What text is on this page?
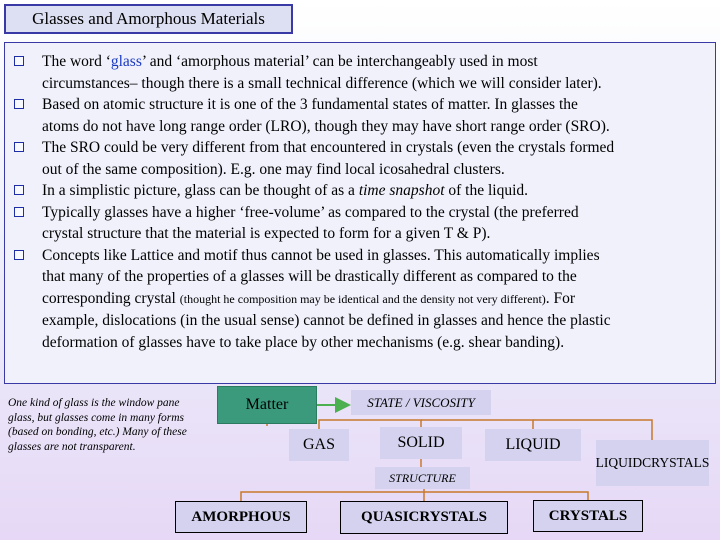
Glasses and Amorphous Materials
The word ‘glass’ and ‘amorphous material’ can be interchangeably used in most
circumstances– though there is a small technical difference (which we will consider later).
Based on atomic structure it is one of the 3 fundamental states of matter. In glasses the
atoms do not have long range order (LRO), though they may have short range order (SRO).
The SRO could be very different from that encountered in crystals (even the crystals formed
out of the same composition). E.g. one may find local icosahedral clusters.
In a simplistic picture, glass can be thought of as a time snapshot of the liquid.
Typically glasses have a higher ‘free-volume’ as compared to the crystal (the preferred
crystal structure that the material is expected to form for a given T & P).
Concepts like Lattice and motif thus cannot be used in glasses. This automatically implies
that many of the properties of a glasses will be drastically different as compared to the
corresponding crystal (thought he composition may be identical and the density not very different). For
example, dislocations (in the usual sense) cannot be defined in glasses and hence the plastic
deformation of glasses have to take place by other mechanisms (e.g. shear banding).
One kind of glass is the window pane glass, but glasses come in many forms (based on bonding, etc.) Many of these glasses are not transparent.
Matter	STATE / VISCOSITY
GAS	SOLID	LIQUID
LIQUID CRYSTALS
STRUCTURE
AMORPHOUS	QUASICRYSTALS	CRYSTALS
